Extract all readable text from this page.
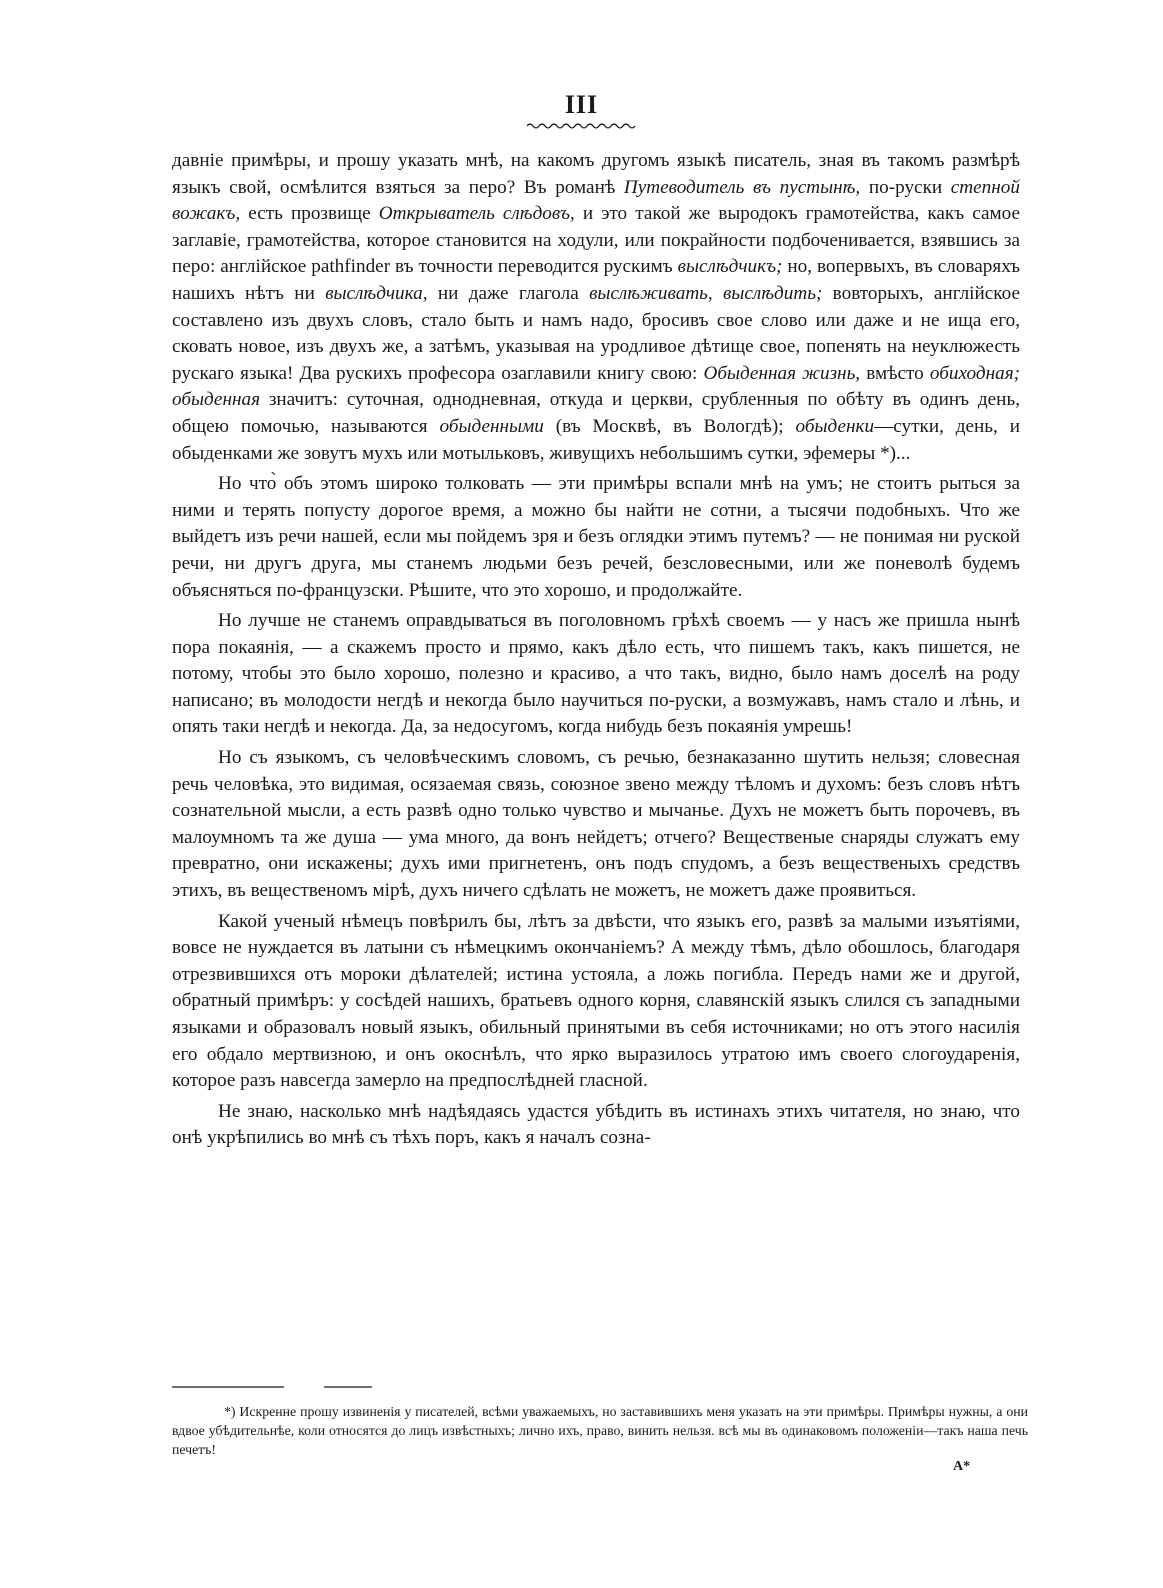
III

давніе примѣры, и прошу указать мнѣ, на какомъ другомъ языкѣ писатель, зная въ такомъ размѣрѣ языкъ свой, осмѣлится взяться за перо? Въ романѣ Путеводитель въ пустынѣ, по-руски степной вожакъ, есть прозвище Открыватель слѣдовъ, и это такой же выродокъ грамотейства, какъ самое заглавіе, грамотейства, которое становится на ходули, или покрайности подбоченивается, взявшись за перо: англійское pathfinder въ точности переводится рускимъ выслѣдчикъ; но, вопервыхъ, въ словаряхъ нашихъ нѣтъ ни выслѣдчика, ни даже глагола выслѣживать, выслѣдить; вовторыхъ, англійское составлено изъ двухъ словъ, стало быть и намъ надо, бросивъ свое слово или даже и не ища его, сковать новое, изъ двухъ же, а затѣмъ, указывая на уродливое дѣтище свое, попенять на неуклюжесть рускаго языка! Два рускихъ професора озаглавили книгу свою: Обыденная жизнь, вмѣсто обиходная; обыденная значитъ: суточная, однодневная, откуда и церкви, срубленныя по обѣту въ одинъ день, общею помочью, называются обыденными (въ Москвѣ, въ Вологдѣ); обыденки—сутки, день, и обыденками же зовутъ мухъ или мотыльковъ, живущихъ небольшимъ сутки, эфемеры *)...

Но что̀ объ этомъ широко толковать — эти примѣры вспали мнѣ на умъ; не стоитъ рыться за ними и терять попусту дорогое время, а можно бы найти не сотни, а тысячи подобныхъ. Что же выйдетъ изъ речи нашей, если мы пойдемъ зря и безъ оглядки этимъ путемъ? — не понимая ни руской речи, ни другъ друга, мы станемъ людьми безъ речей, безсловесными, или же поневолѣ будемъ объясняться по-французски. Рѣшите, что это хорошо, и продолжайте.

Но лучше не станемъ оправдываться въ поголовномъ грѣхѣ своемъ — у насъ же пришла нынѣ пора покаянія, — а скажемъ просто и прямо, какъ дѣло есть, что пишемъ такъ, какъ пишется, не потому, чтобы это было хорошо, полезно и красиво, а что такъ, видно, было намъ доселѣ на роду написано; въ молодости негдѣ и некогда было научиться по-руски, а возмужавъ, намъ стало и лѣнь, и опять таки негдѣ и некогда. Да, за недосугомъ, когда нибудь безъ покаянія умрешь!

Но съ языкомъ, съ человѣческимъ словомъ, съ речью, безнаказанно шутить нельзя; словесная речь человѣка, это видимая, осязаемая связь, союзное звено между тѣломъ и духомъ: безъ словъ нѣтъ сознательной мысли, а есть развѣ одно только чувство и мычанье. Духъ не можетъ быть порочевъ, въ малоумномъ та же душа — ума много, да вонъ нейдетъ; отчего? Вещественые снаряды служатъ ему превратно, они искажены; духъ ими пригнетенъ, онъ подъ спудомъ, а безъ вещественыхъ средствъ этихъ, въ вещественомъ мірѣ, духъ ничего сдѣлать не можетъ, не можетъ даже проявиться.

Какой ученый нѣмецъ повѣрилъ бы, лѣтъ за двѣсти, что языкъ его, развѣ за малыми изъятіями, вовсе не нуждается въ латыни съ нѣмецкимъ окончаніемъ? А между тѣмъ, дѣло обошлось, благодаря отрезвившихся отъ мороки дѣлателей; истина устояла, а ложь погибла. Передъ нами же и другой, обратный примѣръ: у сосѣдей нашихъ, братьевъ одного корня, славянскій языкъ слился съ западными языками и образовалъ новый языкъ, обильный принятыми въ себя источниками; но отъ этого насилія его обдало мертвизною, и онъ окоснѣлъ, что ярко выразилось утратою имъ своего слогоударенія, которое разъ навсегда замерло на предпослѣдней гласной.

Не знаю, насколько мнѣ надѣядаясь удастся убѣдить въ истинахъ этихъ читателя, но знаю, что онѣ укрѣпились во мнѣ съ тѣхъ поръ, какъ я началъ созна-

*) Искренне прошу извиненія у писателей, всѣми уважаемыхъ, но заставившихъ меня указать на эти примѣры. Примѣры нужны, а они вдвое убѣдительнѣе, коли относятся до лицъ извѣстныхъ; лично ихъ, право, винить нельзя. всѣ мы въ одинаковомъ положеніи—такъ наша печь печетъ!

A*
